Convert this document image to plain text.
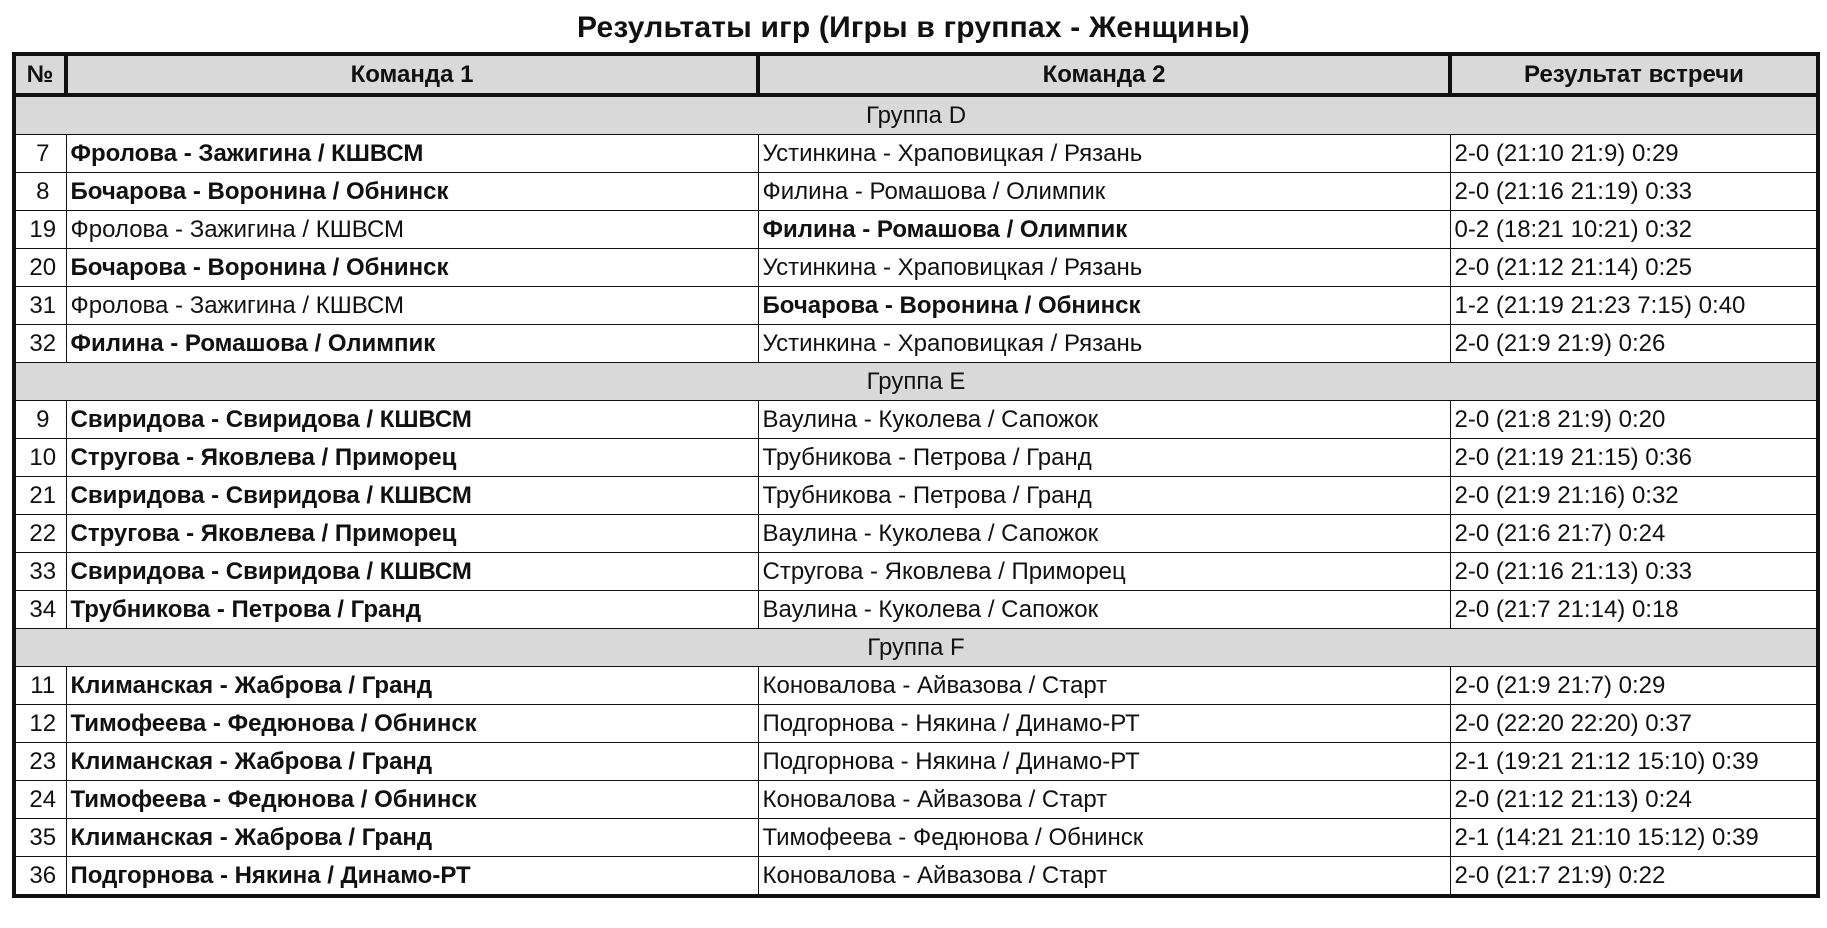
Результаты игр (Игры в группах - Женщины)
№	Команда 1	Команда 2	Результат встречи
Группа D			
7	Фролова - Зажигина / КШВСМ	Устинкина - Храповицкая / Рязань	2-0 (21:10 21:9) 0:29
8	Бочарова - Воронина / Обнинск	Филина - Ромашова / Олимпик	2-0 (21:16 21:19) 0:33
19	Фролова - Зажигина / КШВСМ	Филина - Ромашова / Олимпик	0-2 (18:21 10:21) 0:32
20	Бочарова - Воронина / Обнинск	Устинкина - Храповицкая / Рязань	2-0 (21:12 21:14) 0:25
31	Фролова - Зажигина / КШВСМ	Бочарова - Воронина / Обнинск	1-2 (21:19 21:23 7:15) 0:40
32	Филина - Ромашова / Олимпик	Устинкина - Храповицкая / Рязань	2-0 (21:9 21:9) 0:26
Группа E			
9	Свиридова - Свиридова / КШВСМ	Ваулина - Куколева / Сапожок	2-0 (21:8 21:9) 0:20
10	Стругова - Яковлева / Приморец	Трубникова - Петрова / Гранд	2-0 (21:19 21:15) 0:36
21	Свиридова - Свиридова / КШВСМ	Трубникова - Петрова / Гранд	2-0 (21:9 21:16) 0:32
22	Стругова - Яковлева / Приморец	Ваулина - Куколева / Сапожок	2-0 (21:6 21:7) 0:24
33	Свиридова - Свиридова / КШВСМ	Стругова - Яковлева / Приморец	2-0 (21:16 21:13) 0:33
34	Трубникова - Петрова / Гранд	Ваулина - Куколева / Сапожок	2-0 (21:7 21:14) 0:18
Группа F			
11	Климанская - Жаброва / Гранд	Коновалова - Айвазова / Старт	2-0 (21:9 21:7) 0:29
12	Тимофеева - Федюнова / Обнинск	Подгорнова - Някина / Динамо-РТ	2-0 (22:20 22:20) 0:37
23	Климанская - Жаброва / Гранд	Подгорнова - Някина / Динамо-РТ	2-1 (19:21 21:12 15:10) 0:39
24	Тимофеева - Федюнова / Обнинск	Коновалова - Айвазова / Старт	2-0 (21:12 21:13) 0:24
35	Климанская - Жаброва / Гранд	Тимофеева - Федюнова / Обнинск	2-1 (14:21 21:10 15:12) 0:39
36	Подгорнова - Някина / Динамо-РТ	Коновалова - Айвазова / Старт	2-0 (21:7 21:9) 0:22
